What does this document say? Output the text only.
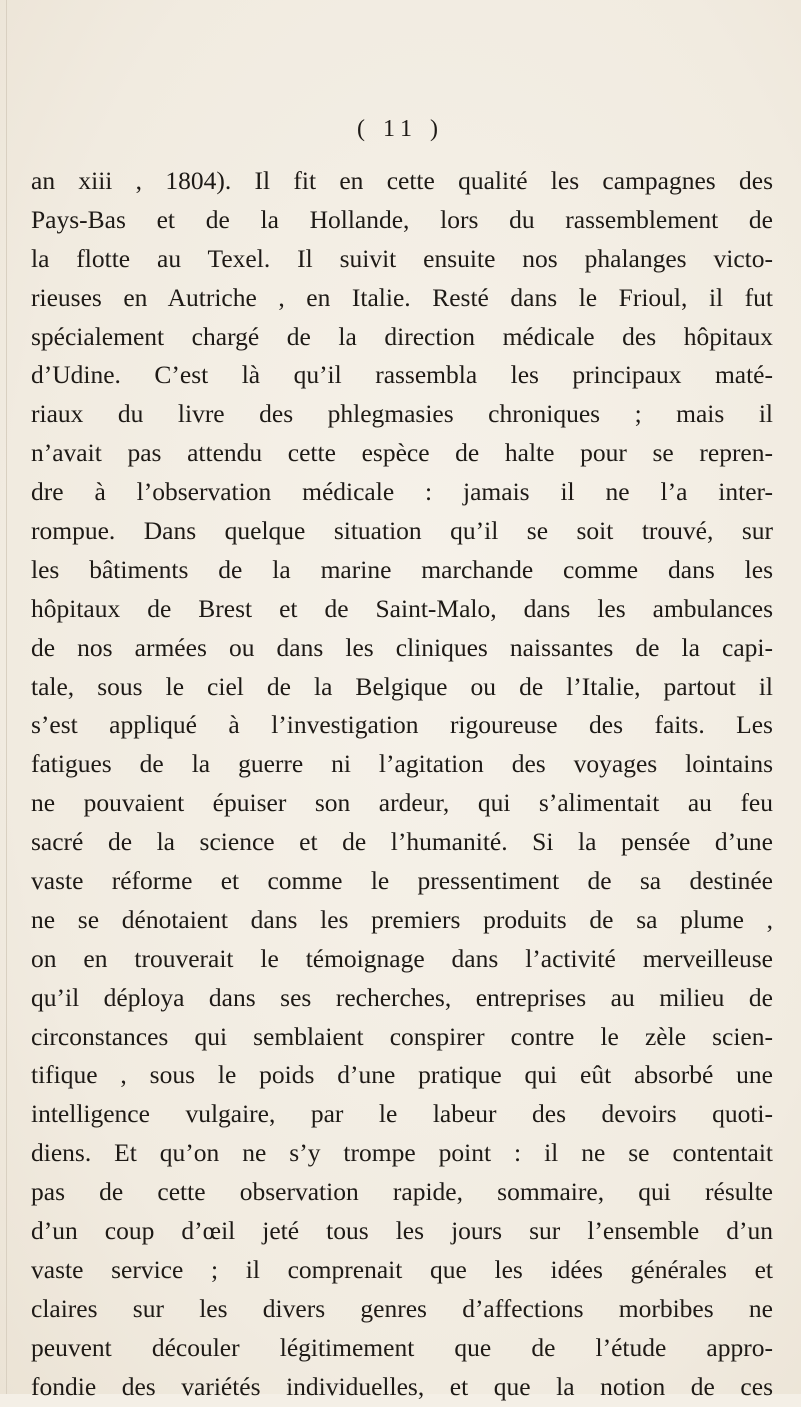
( 11 )
an xiii , 1804). Il fit en cette qualité les campagnes des
Pays-Bas et de la Hollande, lors du rassemblement de
la flotte au Texel. Il suivit ensuite nos phalanges victo-
rieuses en Autriche , en Italie. Resté dans le Frioul, il fut
spécialement chargé de la direction médicale des hôpitaux
d’Udine. C’est là qu’il rassembla les principaux maté-
riaux du livre des phlegmasies chroniques ; mais il
n’avait pas attendu cette espèce de halte pour se repren-
dre à l’observation médicale : jamais il ne l’a inter-
rompue. Dans quelque situation qu’il se soit trouvé, sur
les bâtiments de la marine marchande comme dans les
hôpitaux de Brest et de Saint-Malo, dans les ambulances
de nos armées ou dans les cliniques naissantes de la capi-
tale, sous le ciel de la Belgique ou de l’Italie, partout il
s’est appliqué à l’investigation rigoureuse des faits. Les
fatigues de la guerre ni l’agitation des voyages lointains
ne pouvaient épuiser son ardeur, qui s’alimentait au feu
sacré de la science et de l’humanité. Si la pensée d’une
vaste réforme et comme le pressentiment de sa destinée
ne se dénotaient dans les premiers produits de sa plume ,
on en trouverait le témoignage dans l’activité merveilleuse
qu’il déploya dans ses recherches, entreprises au milieu de
circonstances qui semblaient conspirer contre le zèle scien-
tifique , sous le poids d’une pratique qui eût absorbé une
intelligence vulgaire, par le labeur des devoirs quoti-
diens. Et qu’on ne s’y trompe point : il ne se contentait
pas de cette observation rapide, sommaire, qui résulte
d’un coup d’œil jeté tous les jours sur l’ensemble d’un
vaste service ; il comprenait que les idées générales et
claires sur les divers genres d’affections morbibes ne
peuvent découler légitimement que de l’étude appro-
fondie des variétés individuelles, et que la notion de ces
